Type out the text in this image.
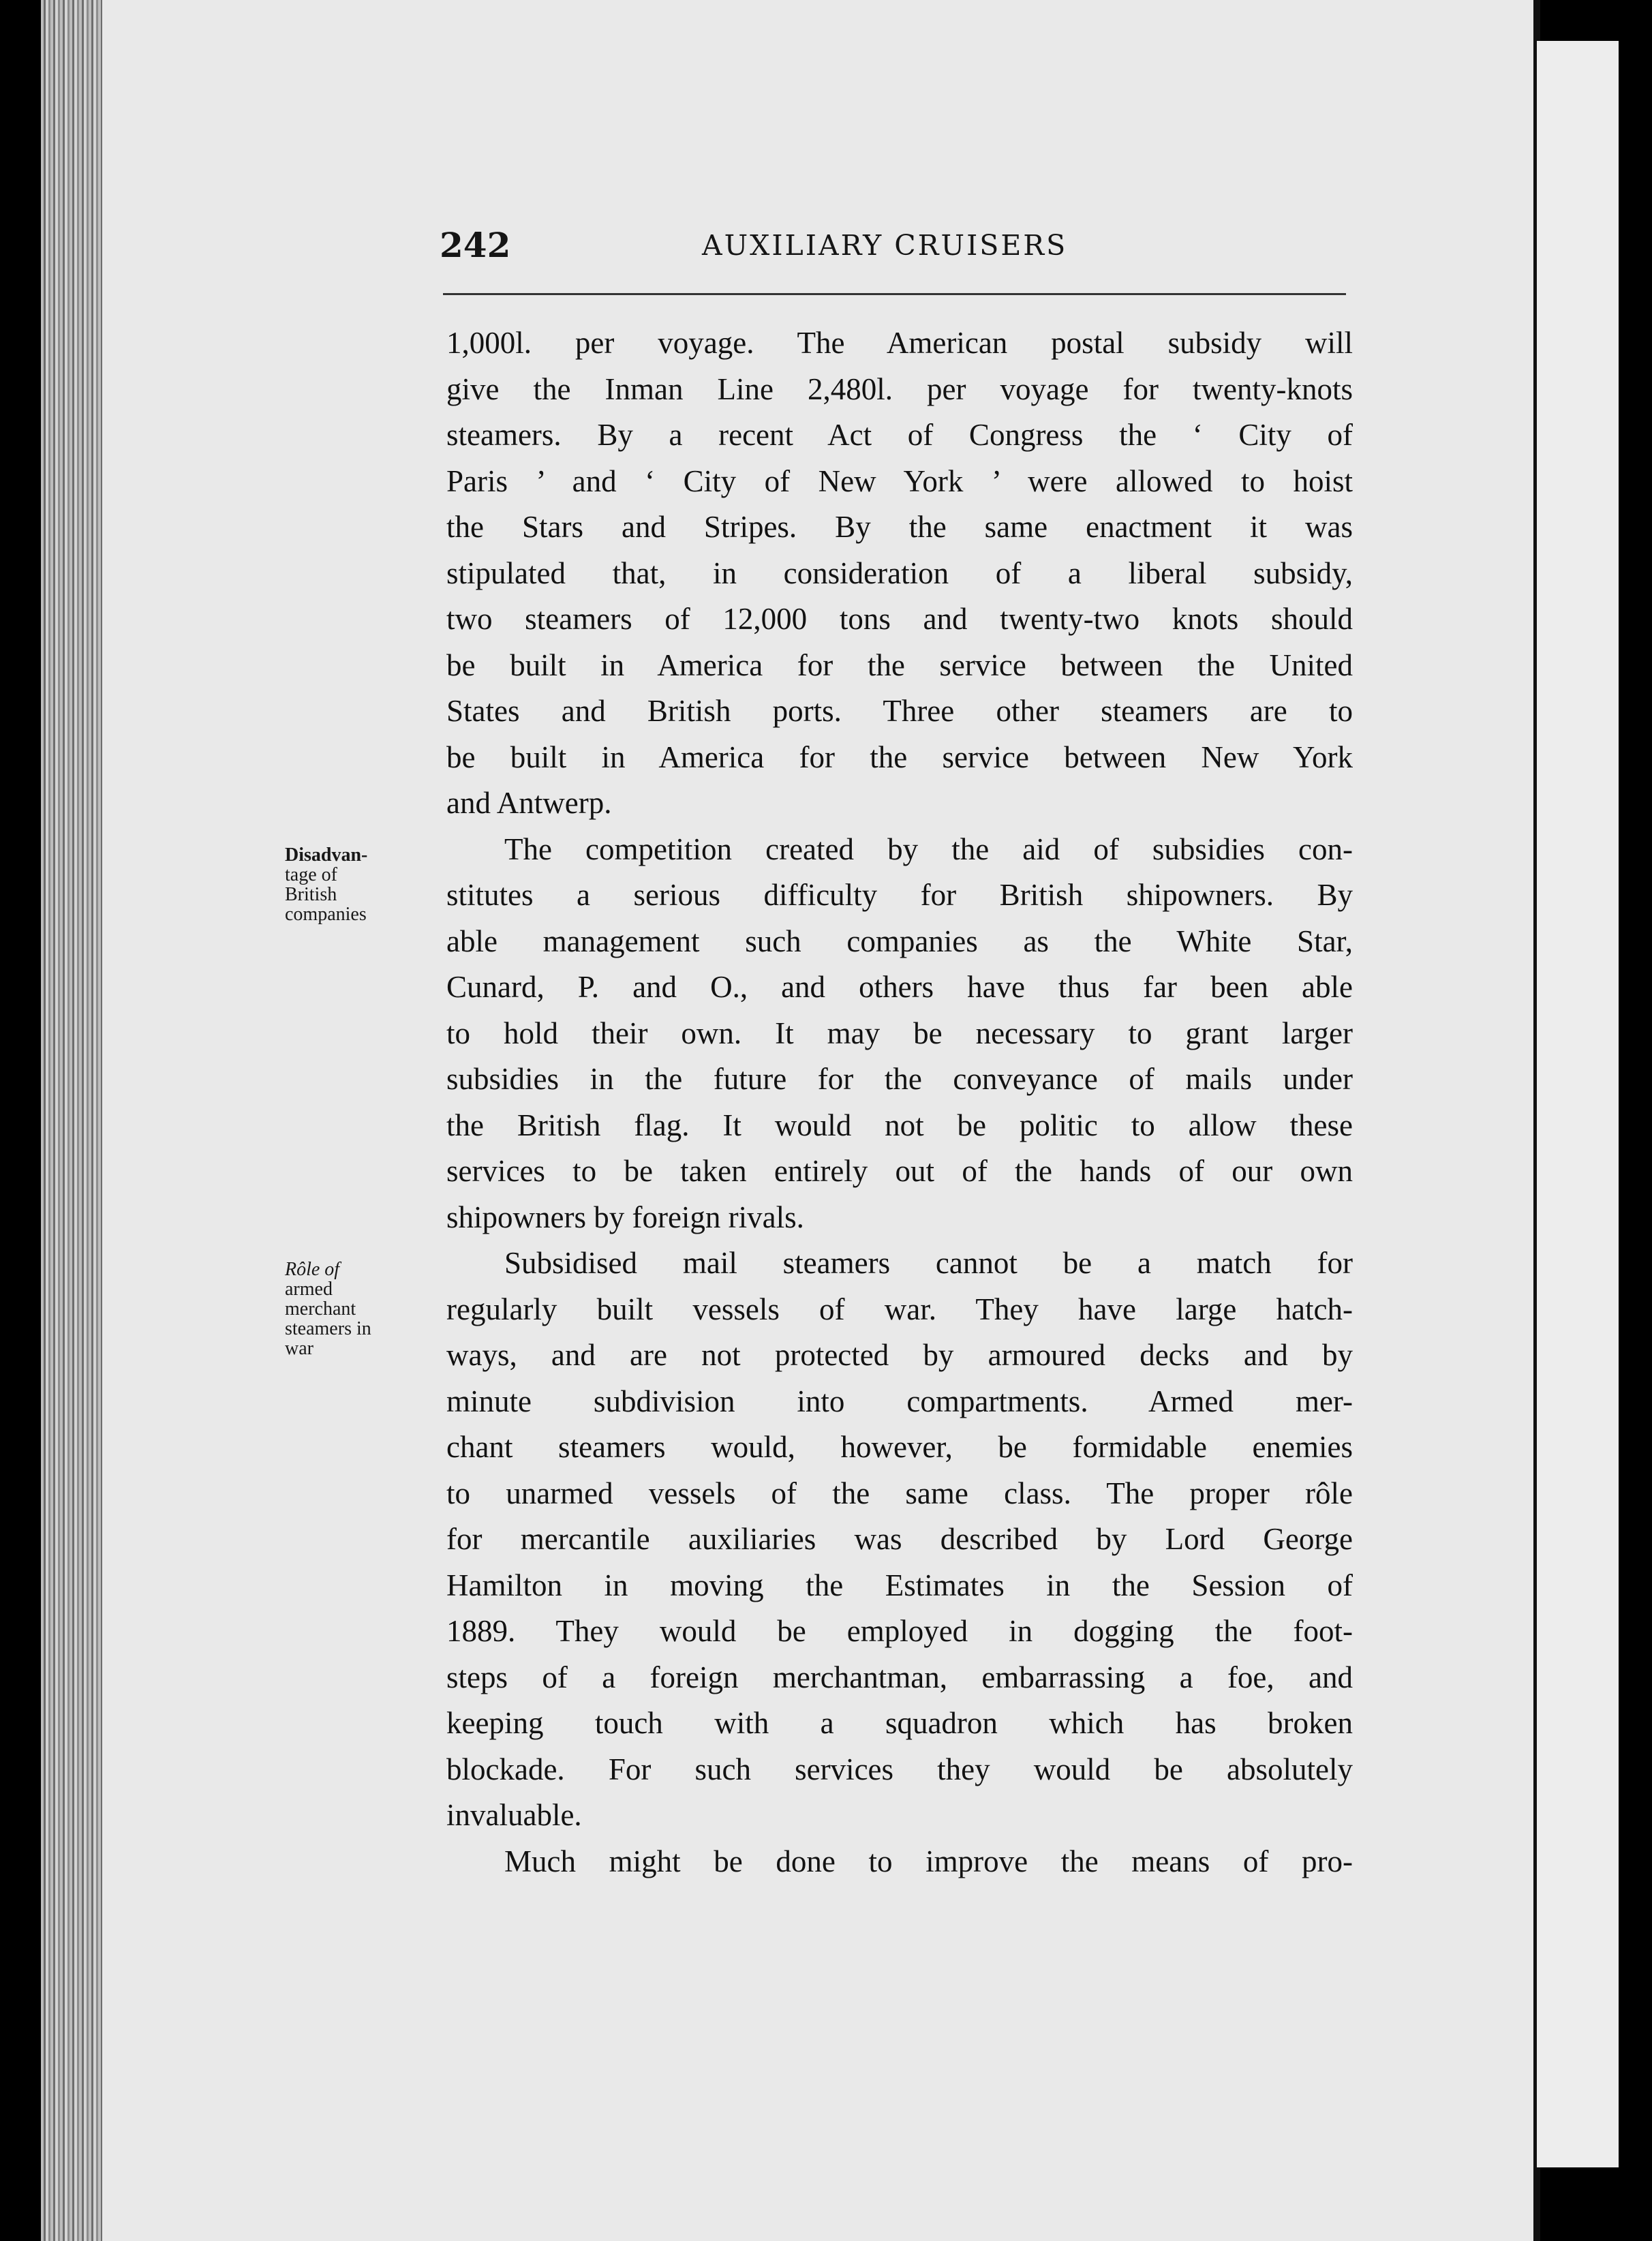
242	AUXILIARY CRUISERS
Disadvan-
tage of
British
companies
Rôle of
armed
merchant
steamers in
war
1,000l. per voyage. The American postal subsidy will
give the Inman Line 2,480l. per voyage for twenty-knots
steamers. By a recent Act of Congress the ‘ City of
Paris ’ and ‘ City of New York ’ were allowed to hoist
the Stars and Stripes. By the same enactment it was
stipulated that, in consideration of a liberal subsidy,
two steamers of 12,000 tons and twenty-two knots should
be built in America for the service between the United
States and British ports. Three other steamers are to
be built in America for the service between New York
and Antwerp.
The competition created by the aid of subsidies con-
stitutes a serious difficulty for British shipowners. By
able management such companies as the White Star,
Cunard, P. and O., and others have thus far been able
to hold their own. It may be necessary to grant larger
subsidies in the future for the conveyance of mails under
the British flag. It would not be politic to allow these
services to be taken entirely out of the hands of our own
shipowners by foreign rivals.
Subsidised mail steamers cannot be a match for
regularly built vessels of war. They have large hatch-
ways, and are not protected by armoured decks and by
minute subdivision into compartments. Armed mer-
chant steamers would, however, be formidable enemies
to unarmed vessels of the same class. The proper rôle
for mercantile auxiliaries was described by Lord George
Hamilton in moving the Estimates in the Session of
1889. They would be employed in dogging the foot-
steps of a foreign merchantman, embarrassing a foe, and
keeping touch with a squadron which has broken
blockade. For such services they would be absolutely
invaluable.
Much might be done to improve the means of pro-
